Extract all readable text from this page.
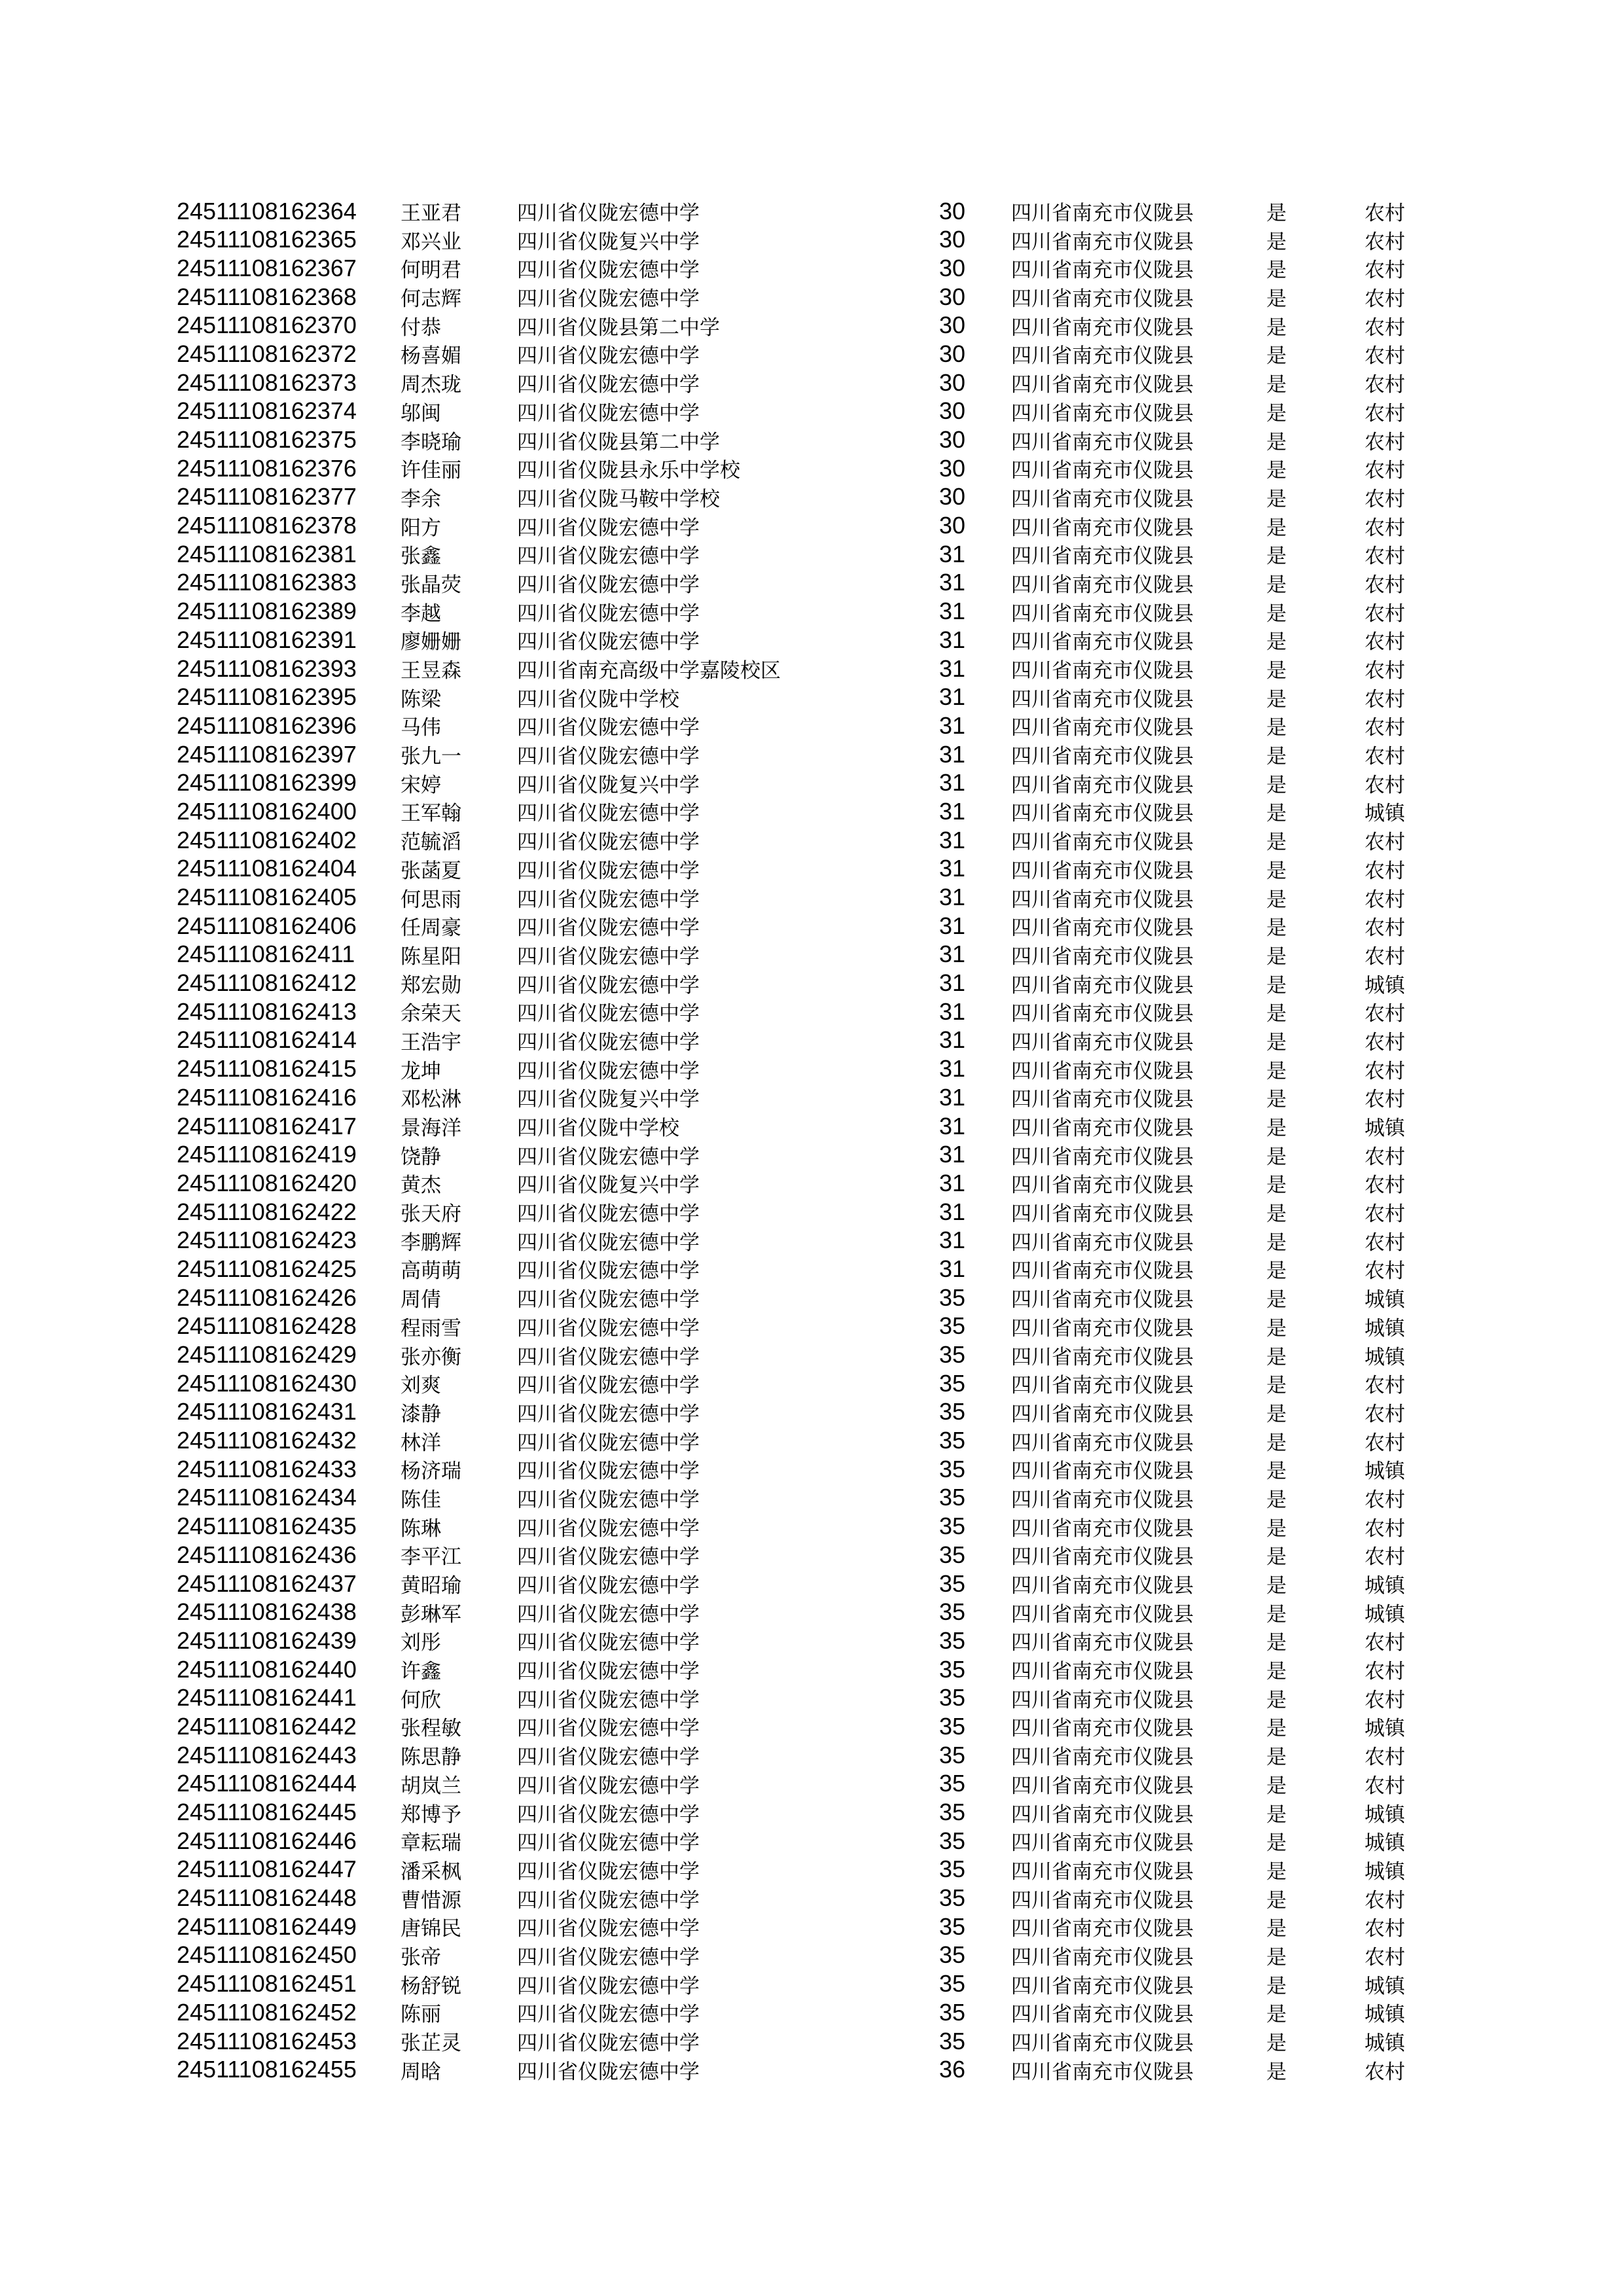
24511108162364	王亚君	四川省仪陇宏德中学	30	四川省南充市仪陇县	是	农村
24511108162365	邓兴业	四川省仪陇复兴中学	30	四川省南充市仪陇县	是	农村
24511108162367	何明君	四川省仪陇宏德中学	30	四川省南充市仪陇县	是	农村
24511108162368	何志辉	四川省仪陇宏德中学	30	四川省南充市仪陇县	是	农村
24511108162370	付恭	四川省仪陇县第二中学	30	四川省南充市仪陇县	是	农村
24511108162372	杨喜媚	四川省仪陇宏德中学	30	四川省南充市仪陇县	是	农村
24511108162373	周杰珑	四川省仪陇宏德中学	30	四川省南充市仪陇县	是	农村
24511108162374	邬闽	四川省仪陇宏德中学	30	四川省南充市仪陇县	是	农村
24511108162375	李晓瑜	四川省仪陇县第二中学	30	四川省南充市仪陇县	是	农村
24511108162376	许佳丽	四川省仪陇县永乐中学校	30	四川省南充市仪陇县	是	农村
24511108162377	李余	四川省仪陇马鞍中学校	30	四川省南充市仪陇县	是	农村
24511108162378	阳方	四川省仪陇宏德中学	30	四川省南充市仪陇县	是	农村
24511108162381	张鑫	四川省仪陇宏德中学	31	四川省南充市仪陇县	是	农村
24511108162383	张晶荧	四川省仪陇宏德中学	31	四川省南充市仪陇县	是	农村
24511108162389	李越	四川省仪陇宏德中学	31	四川省南充市仪陇县	是	农村
24511108162391	廖姗姗	四川省仪陇宏德中学	31	四川省南充市仪陇县	是	农村
24511108162393	王昱森	四川省南充高级中学嘉陵校区	31	四川省南充市仪陇县	是	农村
24511108162395	陈梁	四川省仪陇中学校	31	四川省南充市仪陇县	是	农村
24511108162396	马伟	四川省仪陇宏德中学	31	四川省南充市仪陇县	是	农村
24511108162397	张九一	四川省仪陇宏德中学	31	四川省南充市仪陇县	是	农村
24511108162399	宋婷	四川省仪陇复兴中学	31	四川省南充市仪陇县	是	农村
24511108162400	王军翰	四川省仪陇宏德中学	31	四川省南充市仪陇县	是	城镇
24511108162402	范毓滔	四川省仪陇宏德中学	31	四川省南充市仪陇县	是	农村
24511108162404	张菡夏	四川省仪陇宏德中学	31	四川省南充市仪陇县	是	农村
24511108162405	何思雨	四川省仪陇宏德中学	31	四川省南充市仪陇县	是	农村
24511108162406	任周豪	四川省仪陇宏德中学	31	四川省南充市仪陇县	是	农村
24511108162411	陈星阳	四川省仪陇宏德中学	31	四川省南充市仪陇县	是	农村
24511108162412	郑宏勋	四川省仪陇宏德中学	31	四川省南充市仪陇县	是	城镇
24511108162413	余荣天	四川省仪陇宏德中学	31	四川省南充市仪陇县	是	农村
24511108162414	王浩宇	四川省仪陇宏德中学	31	四川省南充市仪陇县	是	农村
24511108162415	龙坤	四川省仪陇宏德中学	31	四川省南充市仪陇县	是	农村
24511108162416	邓松淋	四川省仪陇复兴中学	31	四川省南充市仪陇县	是	农村
24511108162417	景海洋	四川省仪陇中学校	31	四川省南充市仪陇县	是	城镇
24511108162419	饶静	四川省仪陇宏德中学	31	四川省南充市仪陇县	是	农村
24511108162420	黄杰	四川省仪陇复兴中学	31	四川省南充市仪陇县	是	农村
24511108162422	张天府	四川省仪陇宏德中学	31	四川省南充市仪陇县	是	农村
24511108162423	李鹏辉	四川省仪陇宏德中学	31	四川省南充市仪陇县	是	农村
24511108162425	高萌萌	四川省仪陇宏德中学	31	四川省南充市仪陇县	是	农村
24511108162426	周倩	四川省仪陇宏德中学	35	四川省南充市仪陇县	是	城镇
24511108162428	程雨雪	四川省仪陇宏德中学	35	四川省南充市仪陇县	是	城镇
24511108162429	张亦衡	四川省仪陇宏德中学	35	四川省南充市仪陇县	是	城镇
24511108162430	刘爽	四川省仪陇宏德中学	35	四川省南充市仪陇县	是	农村
24511108162431	漆静	四川省仪陇宏德中学	35	四川省南充市仪陇县	是	农村
24511108162432	林洋	四川省仪陇宏德中学	35	四川省南充市仪陇县	是	农村
24511108162433	杨济瑞	四川省仪陇宏德中学	35	四川省南充市仪陇县	是	城镇
24511108162434	陈佳	四川省仪陇宏德中学	35	四川省南充市仪陇县	是	农村
24511108162435	陈琳	四川省仪陇宏德中学	35	四川省南充市仪陇县	是	农村
24511108162436	李平江	四川省仪陇宏德中学	35	四川省南充市仪陇县	是	农村
24511108162437	黄昭瑜	四川省仪陇宏德中学	35	四川省南充市仪陇县	是	城镇
24511108162438	彭琳军	四川省仪陇宏德中学	35	四川省南充市仪陇县	是	城镇
24511108162439	刘彤	四川省仪陇宏德中学	35	四川省南充市仪陇县	是	农村
24511108162440	许鑫	四川省仪陇宏德中学	35	四川省南充市仪陇县	是	农村
24511108162441	何欣	四川省仪陇宏德中学	35	四川省南充市仪陇县	是	农村
24511108162442	张程敏	四川省仪陇宏德中学	35	四川省南充市仪陇县	是	城镇
24511108162443	陈思静	四川省仪陇宏德中学	35	四川省南充市仪陇县	是	农村
24511108162444	胡岚兰	四川省仪陇宏德中学	35	四川省南充市仪陇县	是	农村
24511108162445	郑博予	四川省仪陇宏德中学	35	四川省南充市仪陇县	是	城镇
24511108162446	章耘瑞	四川省仪陇宏德中学	35	四川省南充市仪陇县	是	城镇
24511108162447	潘采枫	四川省仪陇宏德中学	35	四川省南充市仪陇县	是	城镇
24511108162448	曹惜源	四川省仪陇宏德中学	35	四川省南充市仪陇县	是	农村
24511108162449	唐锦民	四川省仪陇宏德中学	35	四川省南充市仪陇县	是	农村
24511108162450	张帝	四川省仪陇宏德中学	35	四川省南充市仪陇县	是	农村
24511108162451	杨舒锐	四川省仪陇宏德中学	35	四川省南充市仪陇县	是	城镇
24511108162452	陈丽	四川省仪陇宏德中学	35	四川省南充市仪陇县	是	城镇
24511108162453	张芷灵	四川省仪陇宏德中学	35	四川省南充市仪陇县	是	城镇
24511108162455	周晗	四川省仪陇宏德中学	36	四川省南充市仪陇县	是	农村
